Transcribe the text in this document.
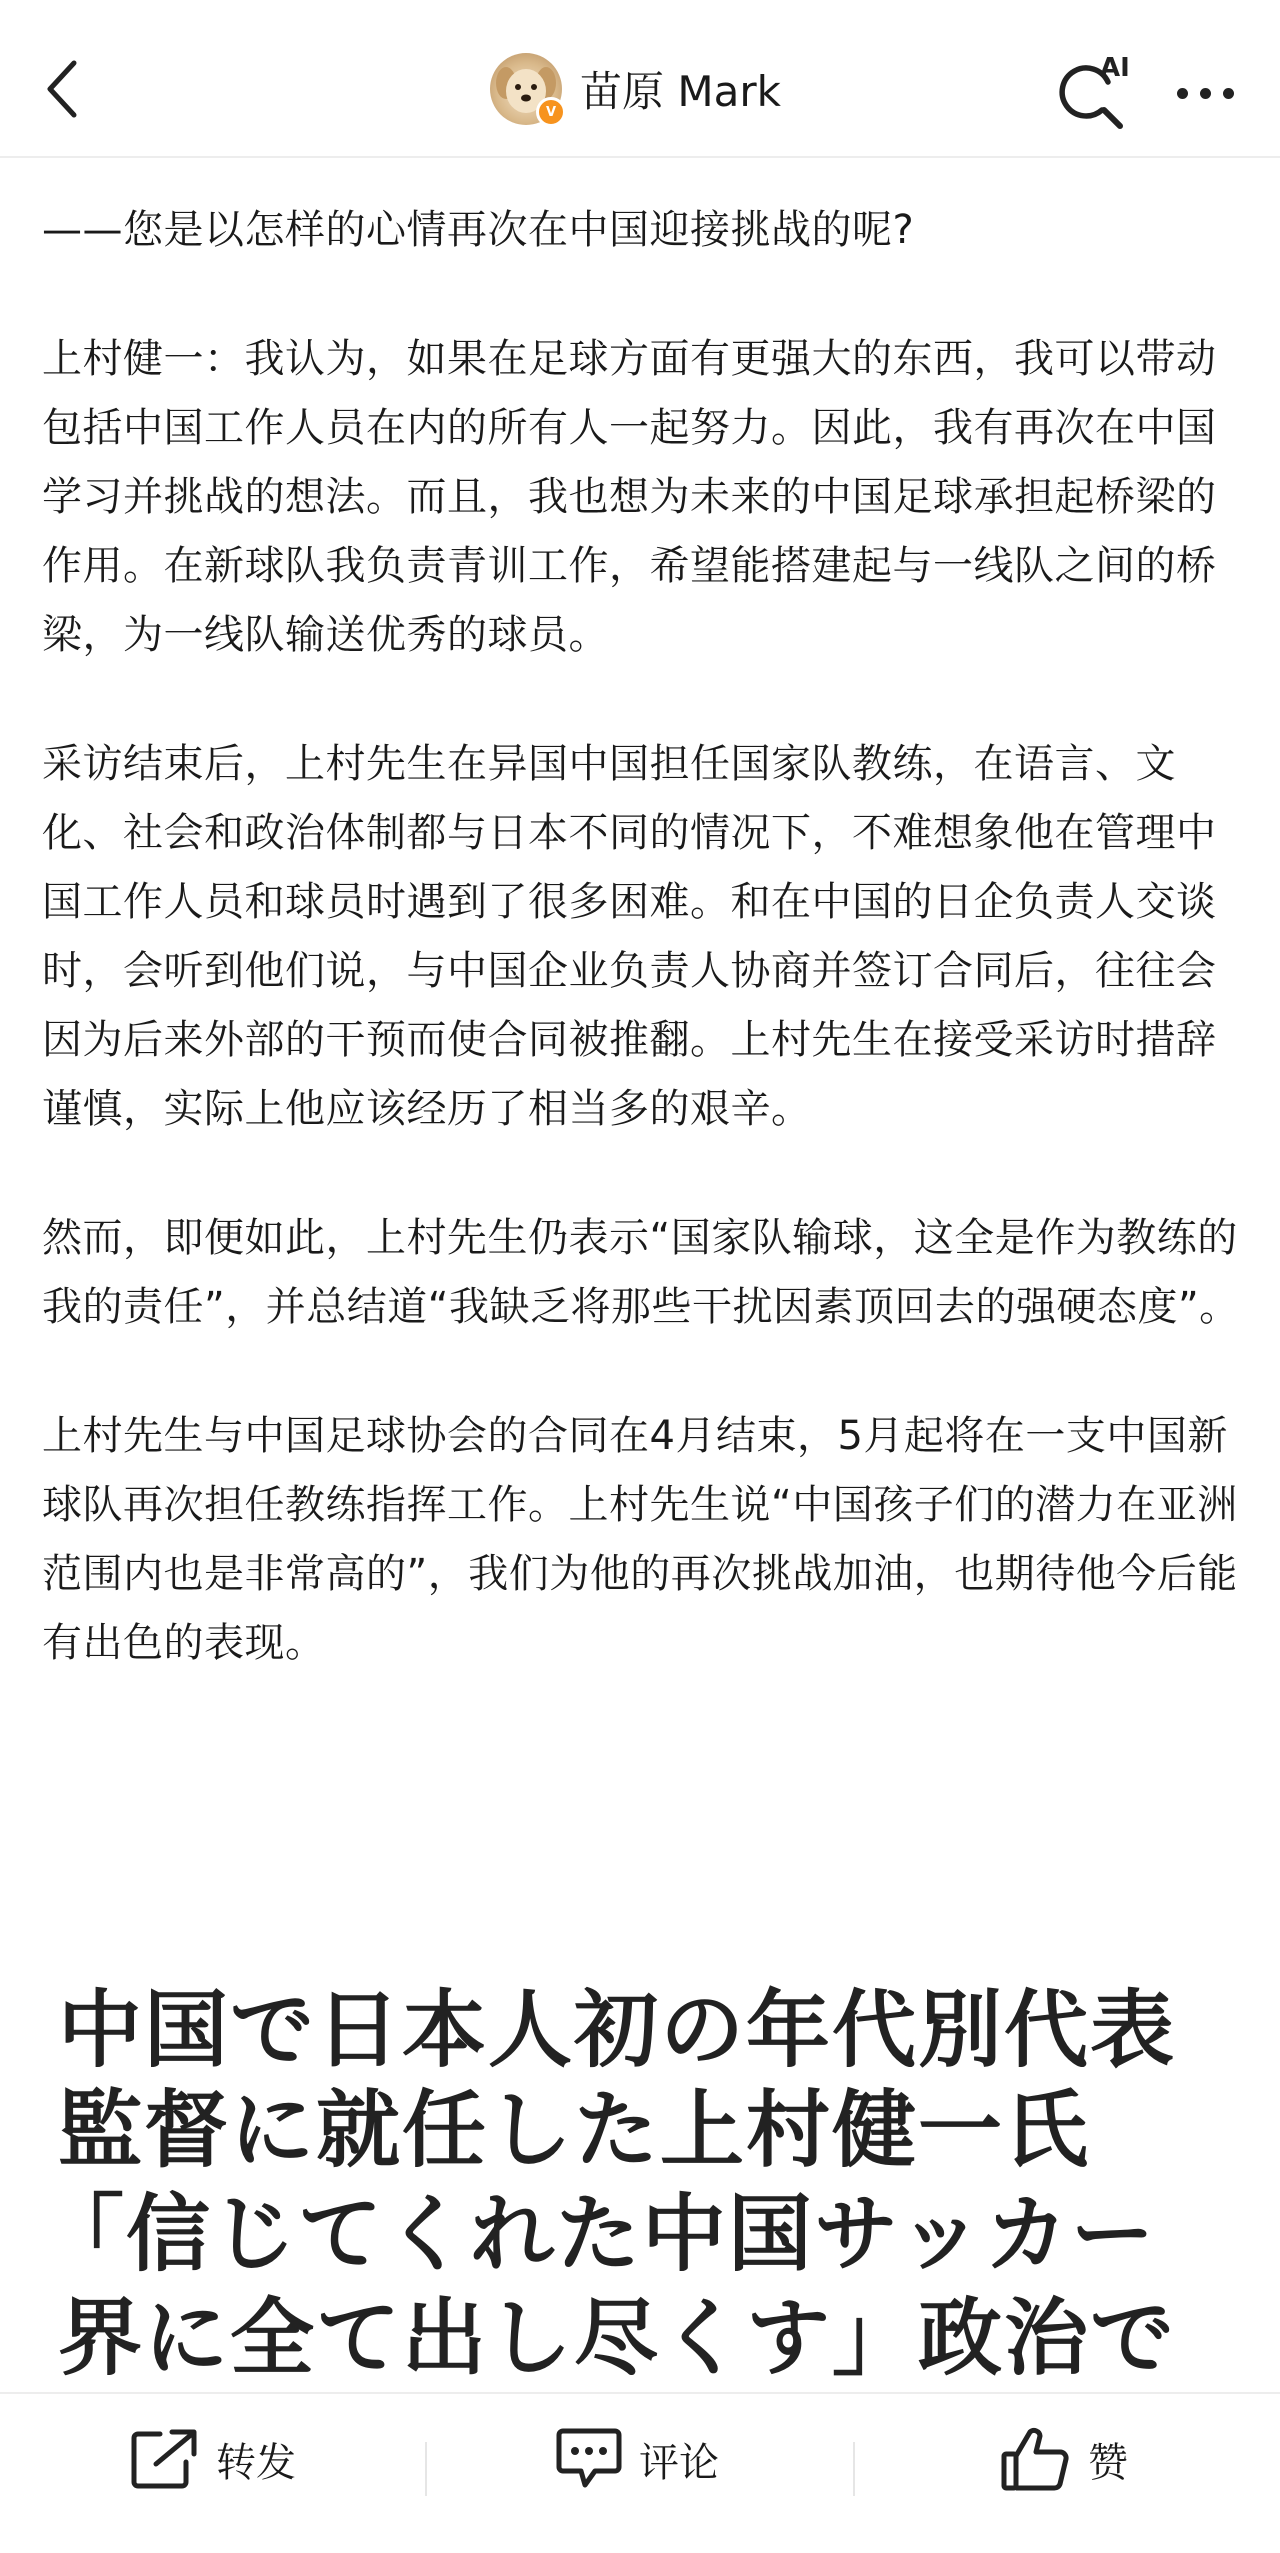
V 苗原 Mark	AI

——您是以怎样的心情再次在中国迎接挑战的呢?

上村健一：我认为，如果在足球方面有更强大的东西，我可以带动包括中国工作人员在内的所有人一起努力。因此，我有再次在中国学习并挑战的想法。而且，我也想为未来的中国足球承担起桥梁的作用。在新球队我负责青训工作，希望能搭建起与一线队之间的桥梁，为一线队输送优秀的球员。

采访结束后，上村先生在异国中国担任国家队教练，在语言、文化、社会和政治体制都与日本不同的情况下，不难想象他在管理中国工作人员和球员时遇到了很多困难。和在中国的日企负责人交谈时，会听到他们说，与中国企业负责人协商并签订合同后，往往会因为后来外部的干预而使合同被推翻。上村先生在接受采访时措辞谨慎，实际上他应该经历了相当多的艰辛。

然而，即便如此，上村先生仍表示“国家队输球，这全是作为教练的我的责任”，并总结道“我缺乏将那些干扰因素顶回去的强硬态度”。

上村先生与中国足球协会的合同在4月结束，5月起将在一支中国新球队再次担任教练指挥工作。上村先生说“中国孩子们的潜力在亚洲范围内也是非常高的”，我们为他的再次挑战加油，也期待他今后能有出色的表现。

中国で日本人初の年代別代表
監督に就任した上村健一氏
「信じてくれた中国サッカー
界に全て出し尽くす」政治で
转发	评论	赞
